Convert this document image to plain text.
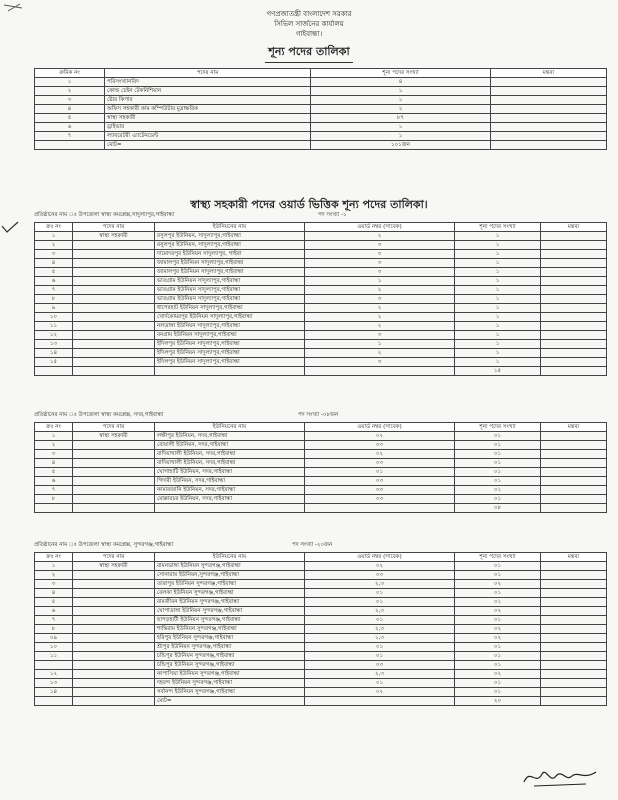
গণপ্রজাতন্ত্রী বাংলাদেশ সরকার
সিভিল সার্জনের কার্যালয়
গাইবান্ধা।
শূন্য পদের তালিকা
ক্রমিক নং	পদের নাম	শূন্য পদের সংখ্যা	মন্তব্য
১	পরিসংখ্যানবিদ	৪	
২	কোল্ড চেইন টেকনিশিয়ান	১	
৩	ষ্টোর কিপার	১	
৪	অফিস সহকারী কাম কম্পিউটার মুদ্রাক্ষরিক	২	
৫	স্বাস্থ্য সহকারী	৮৭	
৬	ড্রাইভার	১	
৭	ল্যাবরেটরী এ্যাটেনডেন্ট	১	
	মোট=	১০১জন	
স্বাস্থ্য সহকারী পদের ওয়ার্ড ভিত্তিক শূন্য পদের তালিকা।
প্রতিষ্ঠানের নাম ঃ উপজেলা স্বাস্থ্য কমপ্লেক্স,সাদুল্যাপুর,গাইবান্ধা	পদ সংখ্যা -১
ক্রঃ নং	পদের নাম	ইউনিয়নের নাম	ওয়ার্ড নম্বর (সাবেক)	শূন্য পদের সংখ্যা	মন্তব্য
১	স্বাস্থ্য সহকারী	রসুলপুর ইউনিয়ন, সাদুল্যাপুর,গাইবান্ধা	২	১	
২		রসুলপুর ইউনিয়ন, সাদুল্যাপুর,গাইবান্ধা	৩	১	
৩		দামোদরপুর ইউনিয়ন সাদুল্যাপুর, গাইবা	৩	১	
৪		জামালপুর ইউনিয়ন সাদুল্যাপুর,গাইবান্ধা	৩	১	
৫		জামালপুর ইউনিয়ন সাদুল্যাপুর,গাইবান্ধা	৩	১	
৬		ভাতগ্রাম ইউনিয়ন সাদুল্যাপুর,গাইবান্ধা	১	১	
৭		ভাতগ্রাম ইউনিয়ন সাদুল্যাপুর,গাইবান্ধা	২	১	
৮		ভাতগ্রাম ইউনিয়ন সাদুল্যাপুর,গাইবান্ধা	৩	১	
৯		ধাপেরহাট ইউনিয়ন সাদুল্যাপুর,গাইবান্ধা	২	১	
১০		খোর্দকোমরপুর ইউনিয়ন সাদুল্যাপুর,গাইবান্ধা	২	১	
১১		নলডাঙ্গা ইউনিয়ন সাদুল্যাপুর,গাইবান্ধা	২	১	
১২		বনগ্রাম ইউনিয়ন সাদুল্যাপুর,গাইবান্ধা	৩	১	
১৩		ইদিলপুর ইউনিয়ন সাদুল্যাপুর,গাইবান্ধা	১	১	
১৪		ইদিলপুর ইউনিয়ন সাদুল্যাপুর,গাইবান্ধা	২	১	
১৫		ইদিলপুর ইউনিয়ন সাদুল্যাপুর,গাইবান্ধা	৩	১	
				১৫	
প্রতিষ্ঠানের নাম ঃ উপজেলা স্বাস্থ্য কমপ্লেক্স, সদর,গাইবান্ধা	পদ সংখ্যা -০৮জন
ক্রঃ নং	পদের নাম	ইউনিয়নের নাম	ওয়ার্ড নম্বর (সাবেক)	শূন্য পদের সংখ্যা	মন্তব্য
১	স্বাস্থ্য সহকারী	লক্ষীপুর ইউনিয়ন, সদর,গাইবান্ধা	০২	০১	
২		বোয়ালী ইউনিয়ন, সদর,গাইবান্ধা	০৩	০১	
৩		বাদিয়াখালী ইউনিয়ন, সদর,গাইবান্ধা	০২	০১	
৪		বাদিয়াখালী ইউনিয়ন, সদর,গাইবান্ধা	০৩	০১	
৫		ঘোগাহাটি ইউনিয়ন, সদর,গাইবান্ধা	০১	০১	
৬		গিদারী ইউনিয়ন, সদর,গাইবান্ধা	০৩	০১	
৭		কামারজানি ইউনিয়ন, সদর,গাইবান্ধা	০৩	০১	
৮		মোল্লারচর ইউনিয়ন, সদর,গাইবান্ধা	০৩	০১	
				০৮	
প্রতিষ্ঠানের নাম ঃ উপজেলা স্বাস্থ্য কমপ্লেক্স, সুন্দরগঞ্জ,গাইবান্ধা	পদ সংখ্যা -২০জন
ক্রঃ নং	পদের নাম	ইউনিয়নের নাম	ওয়ার্ড নম্বর (সাবেক)	শূন্য পদের সংখ্যা	মন্তব্য
১	স্বাস্থ্য সহকারী	বামনডাঙ্গা ইউনিয়ন সুন্দরগঞ্জ,গাইবান্ধা	০২	০১	
২		সোনারায় ইউনিয়ন,সুন্দরগঞ্জ,গাইবান্ধা	০৩	০১	
৩		তারাপুর ইউনিয়ন সুন্দরগঞ্জ,গাইবান্ধা	২,৩	০২	
৪		বেলকা ইউনিয়ন সুন্দরগঞ্জ,গাইবান্ধা	০১	০১	
৫		রামজীবন ইউনিয়ন সুন্দরগঞ্জ,গাইবান্ধা	০১	০১	
৬		ঘোপাডাঙ্গা ইউনিয়ন সুন্দরগঞ্জ,গাইবান্ধা	২,৩	০২	
৭		ছাপড়হাটী ইউনিয়ন সুন্দরগঞ্জ,গাইবান্ধা	০১	০১	
৮		শান্তিরাম ইউনিয়ন সুন্দরগঞ্জ,গাইবান্ধা	২,৩	০২	
০৯		হরিপুর ইউনিয়ন সুন্দরগঞ্জ,গাইবান্ধা	১,৩	০২	
১০		শ্রীপুর ইউনিয়ন সুন্দরগঞ্জ,গাইবান্ধা	০১	০১	
১১		চন্ডিপুর ইউনিয়ন সুন্দরগঞ্জ,গাইবান্ধা	০১	০১	
		চন্ডিপুর ইউনিয়ন সুন্দরগঞ্জ,গাইবান্ধা	০৩	০১	
১২		কাপাসিয়া ইউনিয়ন সুন্দরগঞ্জ,গাইবান্ধা	২,৩	০২	
১৩		দহবন্দ ইউনিয়ন সুন্দরগঞ্জ,গাইবান্ধা	০১	০১	
১৪		সর্বানন্দ ইউনিয়ন সুন্দরগঞ্জ,গাইবান্ধা	০২	০১	
		মোট=		২০	
